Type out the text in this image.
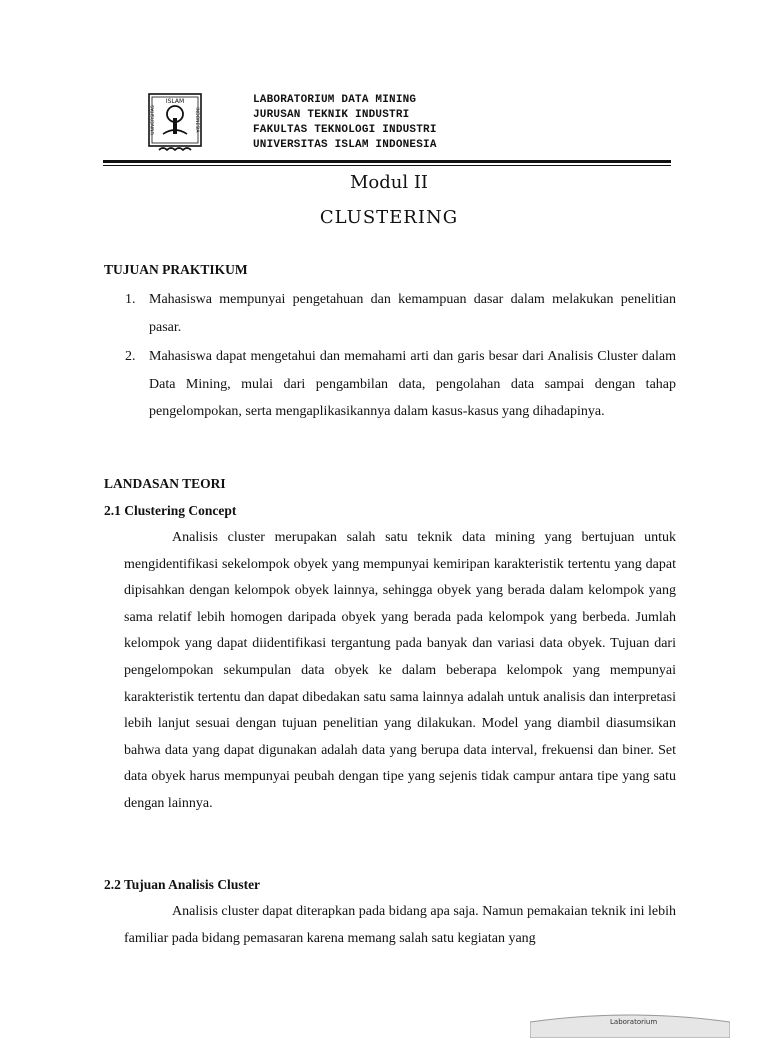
ISLAM
INDONESIA
UNIVERSITAS
LABORATORIUM DATA MINING
JURUSAN TEKNIK INDUSTRI
FAKULTAS TEKNOLOGI INDUSTRI
UNIVERSITAS ISLAM INDONESIA
Modul II
CLUSTERING
TUJUAN PRAKTIKUM
1. Mahasiswa mempunyai pengetahuan dan kemampuan dasar dalam melakukan penelitian pasar.
2. Mahasiswa dapat mengetahui dan memahami arti dan garis besar dari Analisis Cluster dalam Data Mining, mulai dari pengambilan data, pengolahan data sampai dengan tahap pengelompokan, serta mengaplikasikannya dalam kasus-kasus yang dihadapinya.
LANDASAN TEORI
2.1 Clustering Concept
Analisis cluster merupakan salah satu teknik data mining yang bertujuan untuk mengidentifikasi sekelompok obyek yang mempunyai kemiripan karakteristik tertentu yang dapat dipisahkan dengan kelompok obyek lainnya, sehingga obyek yang berada dalam kelompok yang sama relatif lebih homogen daripada obyek yang berada pada kelompok yang berbeda. Jumlah kelompok yang dapat diidentifikasi tergantung pada banyak dan variasi data obyek. Tujuan dari pengelompokan sekumpulan data obyek ke dalam beberapa kelompok yang mempunyai karakteristik tertentu dan dapat dibedakan satu sama lainnya adalah untuk analisis dan interpretasi lebih lanjut sesuai dengan tujuan penelitian yang dilakukan. Model yang diambil diasumsikan bahwa data yang dapat digunakan adalah data yang berupa data interval, frekuensi dan biner. Set data obyek harus mempunyai peubah dengan tipe yang sejenis tidak campur antara tipe yang satu dengan lainnya.
2.2 Tujuan Analisis Cluster
Analisis cluster dapat diterapkan pada bidang apa saja. Namun pemakaian teknik ini lebih familiar pada bidang pemasaran karena memang salah satu kegiatan yang
Laboratorium
